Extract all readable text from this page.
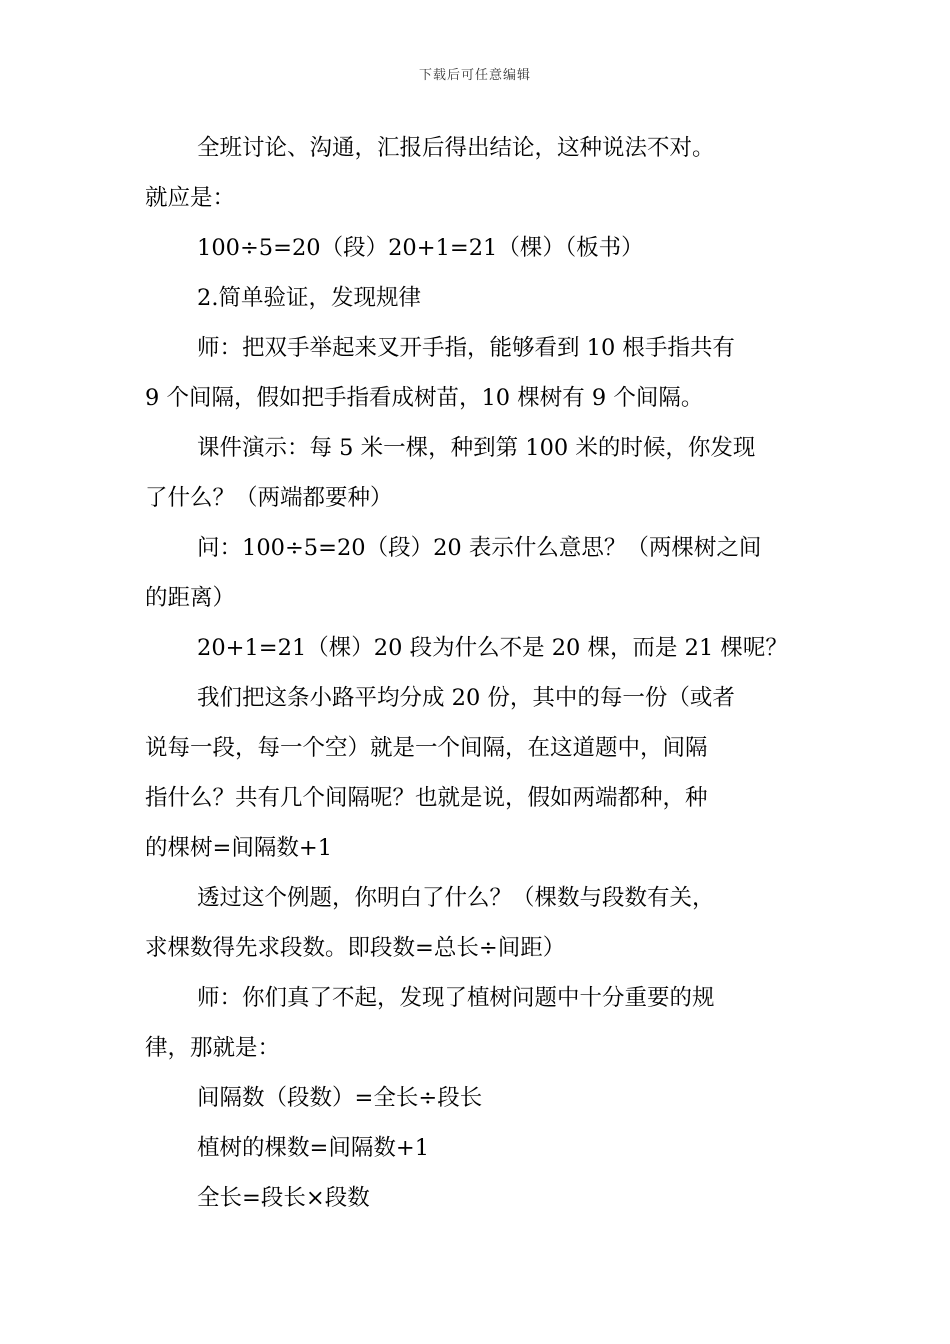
下载后可任意编辑
全班讨论、沟通，汇报后得出结论，这种说法不对。
就应是：
100÷5=20（段）20+1=21（棵）（板书）
2.简单验证，发现规律
师：把双手举起来叉开手指，能够看到 10 根手指共有
9 个间隔，假如把手指看成树苗，10 棵树有 9 个间隔。
课件演示：每 5 米一棵，种到第 100 米的时候，你发现
了什么？（两端都要种）
问：100÷5=20（段）20 表示什么意思？（两棵树之间
的距离）
20+1=21（棵）20 段为什么不是 20 棵，而是 21 棵呢？
我们把这条小路平均分成 20 份，其中的每一份（或者
说每一段，每一个空）就是一个间隔，在这道题中，间隔
指什么？共有几个间隔呢？也就是说，假如两端都种，种
的棵树=间隔数+1
透过这个例题，你明白了什么？（棵数与段数有关，
求棵数得先求段数。即段数=总长÷间距）
师：你们真了不起，发现了植树问题中十分重要的规
律，那就是：
间隔数（段数）=全长÷段长
植树的棵数=间隔数+1
全长=段长×段数
